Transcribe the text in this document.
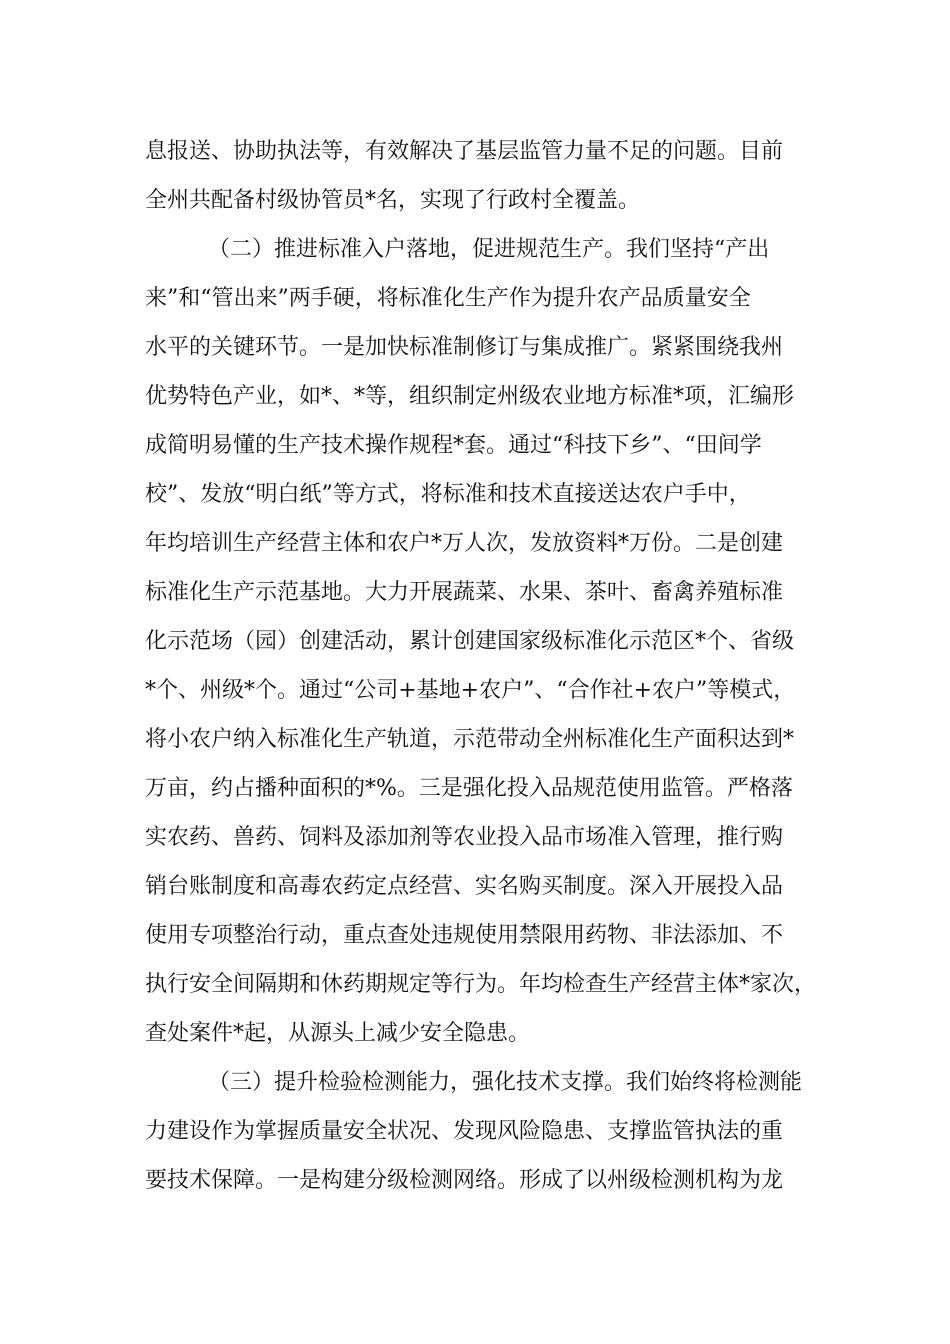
息报送、协助执法等，有效解决了基层监管力量不足的问题。目前
全州共配备村级协管员*名，实现了行政村全覆盖。
（二）推进标准入户落地，促进规范生产。我们坚持“产出
来”和“管出来”两手硬，将标准化生产作为提升农产品质量安全
水平的关键环节。一是加快标准制修订与集成推广。紧紧围绕我州
优势特色产业，如*、*等，组织制定州级农业地方标准*项，汇编形
成简明易懂的生产技术操作规程*套。通过“科技下乡”、“田间学
校”、发放“明白纸”等方式，将标准和技术直接送达农户手中，
年均培训生产经营主体和农户*万人次，发放资料*万份。二是创建
标准化生产示范基地。大力开展蔬菜、水果、茶叶、畜禽养殖标准
化示范场（园）创建活动，累计创建国家级标准化示范区*个、省级
*个、州级*个。通过“公司+基地+农户”、“合作社+农户”等模式，
将小农户纳入标准化生产轨道，示范带动全州标准化生产面积达到*
万亩，约占播种面积的*%。三是强化投入品规范使用监管。严格落
实农药、兽药、饲料及添加剂等农业投入品市场准入管理，推行购
销台账制度和高毒农药定点经营、实名购买制度。深入开展投入品
使用专项整治行动，重点查处违规使用禁限用药物、非法添加、不
执行安全间隔期和休药期规定等行为。年均检查生产经营主体*家次，
查处案件*起，从源头上减少安全隐患。
（三）提升检验检测能力，强化技术支撑。我们始终将检测能
力建设作为掌握质量安全状况、发现风险隐患、支撑监管执法的重
要技术保障。一是构建分级检测网络。形成了以州级检测机构为龙
